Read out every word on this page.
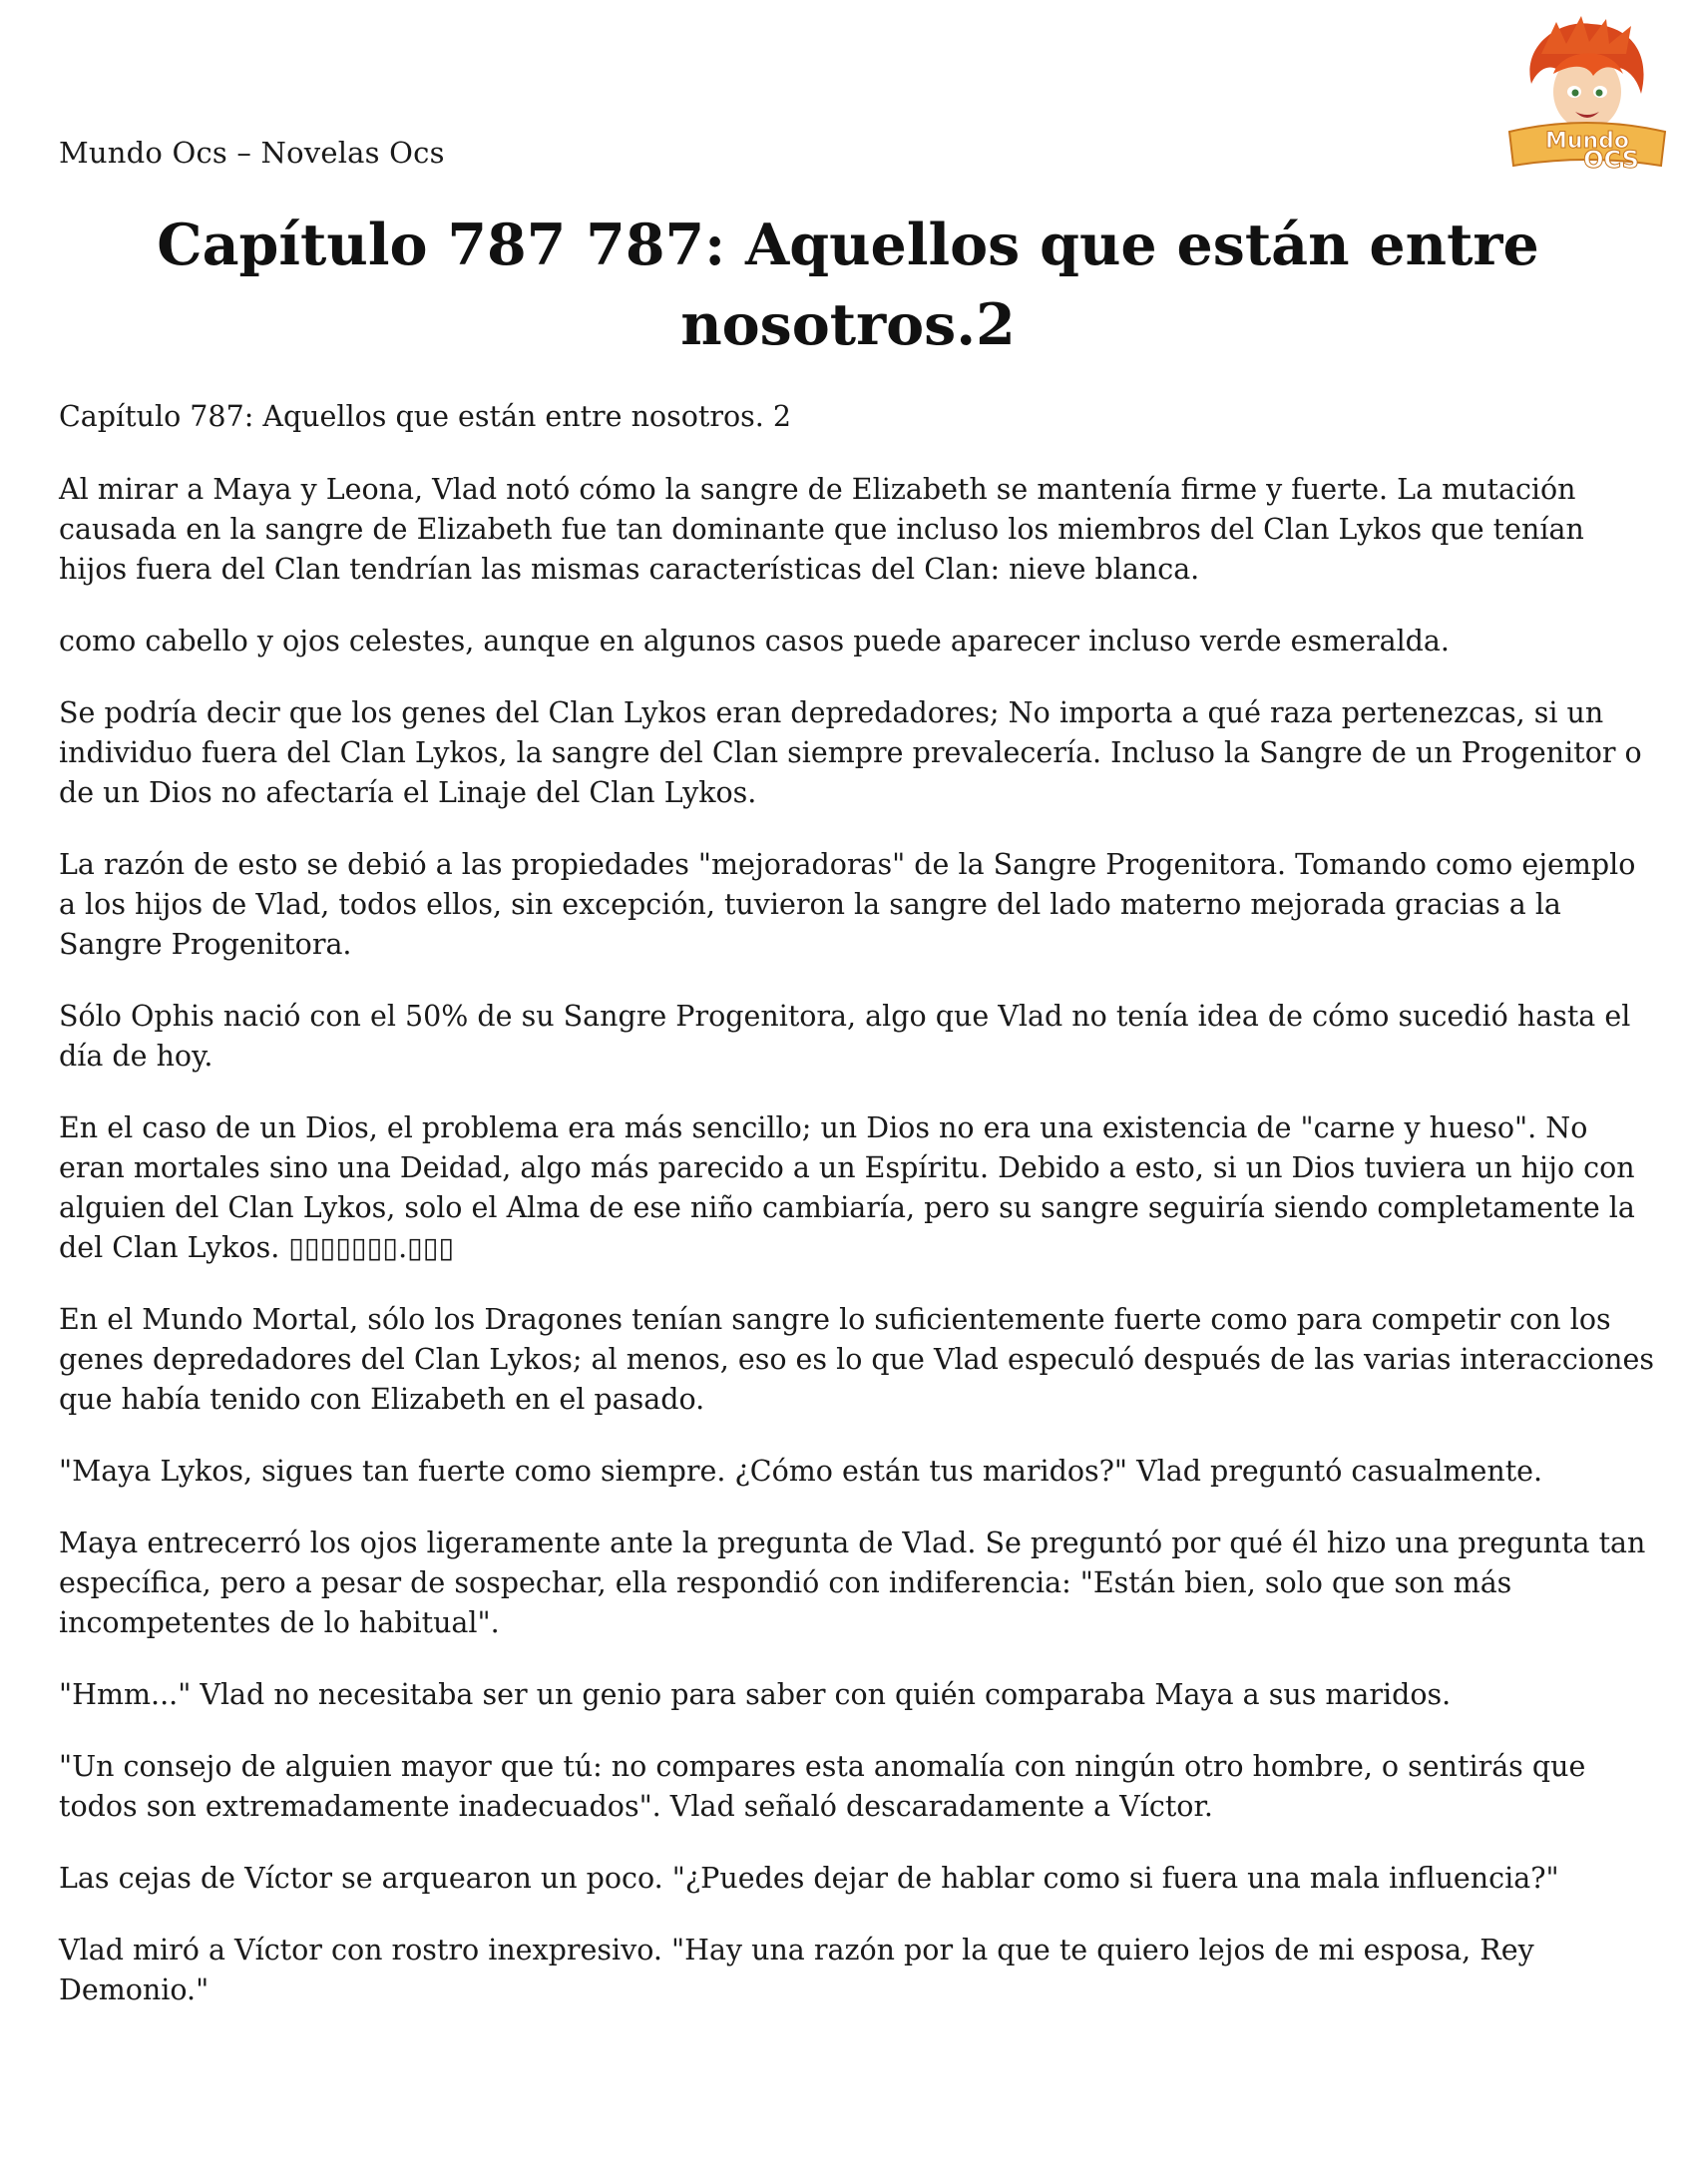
Mundo Ocs – Novelas Ocs	Mundo
OCS
Capítulo 787 787: Aquellos que están entre
nosotros.2

Capítulo 787: Aquellos que están entre nosotros. 2

Al mirar a Maya y Leona, Vlad notó cómo la sangre de Elizabeth se mantenía firme y fuerte. La mutación causada en la sangre de Elizabeth fue tan dominante que incluso los miembros del Clan Lykos que tenían hijos fuera del Clan tendrían las mismas características del Clan: nieve blanca.

como cabello y ojos celestes, aunque en algunos casos puede aparecer incluso verde esmeralda.

Se podría decir que los genes del Clan Lykos eran depredadores; No importa a qué raza pertenezcas, si un individuo fuera del Clan Lykos, la sangre del Clan siempre prevalecería. Incluso la Sangre de un Progenitor o de un Dios no afectaría el Linaje del Clan Lykos.

La razón de esto se debió a las propiedades "mejoradoras" de la Sangre Progenitora. Tomando como ejemplo a los hijos de Vlad, todos ellos, sin excepción, tuvieron la sangre del lado materno mejorada gracias a la Sangre Progenitora.

Sólo Ophis nació con el 50% de su Sangre Progenitora, algo que Vlad no tenía idea de cómo sucedió hasta el día de hoy.

En el caso de un Dios, el problema era más sencillo; un Dios no era una existencia de "carne y hueso". No eran mortales sino una Deidad, algo más parecido a un Espíritu. Debido a esto, si un Dios tuviera un hijo con alguien del Clan Lykos, solo el Alma de ese niño cambiaría, pero su sangre seguiría siendo completamente la del Clan Lykos. ▯▯▯▯▯▯▯.▯▯▯

En el Mundo Mortal, sólo los Dragones tenían sangre lo suficientemente fuerte como para competir con los genes depredadores del Clan Lykos; al menos, eso es lo que Vlad especuló después de las varias interacciones que había tenido con Elizabeth en el pasado.

"Maya Lykos, sigues tan fuerte como siempre. ¿Cómo están tus maridos?" Vlad preguntó casualmente.

Maya entrecerró los ojos ligeramente ante la pregunta de Vlad. Se preguntó por qué él hizo una pregunta tan específica, pero a pesar de sospechar, ella respondió con indiferencia: "Están bien, solo que son más incompetentes de lo habitual".

"Hmm..." Vlad no necesitaba ser un genio para saber con quién comparaba Maya a sus maridos.

"Un consejo de alguien mayor que tú: no compares esta anomalía con ningún otro hombre, o sentirás que todos son extremadamente inadecuados". Vlad señaló descaradamente a Víctor.

Las cejas de Víctor se arquearon un poco. "¿Puedes dejar de hablar como si fuera una mala influencia?"

Vlad miró a Víctor con rostro inexpresivo. "Hay una razón por la que te quiero lejos de mi esposa, Rey Demonio."
